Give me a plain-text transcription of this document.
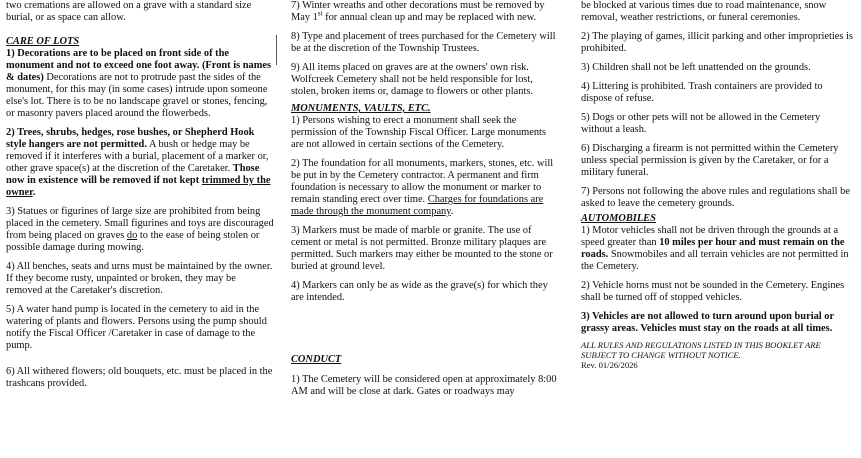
two cremations are allowed on a grave with a standard size burial, or as space can allow.

CARE OF LOTS

1) Decorations are to be placed on front side of the monument and not to exceed one foot away. (Front is names & dates) Decorations are not to protrude past the sides of the monument, for this may (in some cases) intrude upon someone else's lot. There is to be no landscape gravel or stones, fencing, or masonry pavers placed around the flowerbeds.

2) Trees, shrubs, hedges, rose bushes, or Shepherd Hook style hangers are not permitted. A bush or hedge may be removed if it interferes with a burial, placement of a marker or, other grave space(s) at the discretion of the Caretaker. Those now in existence will be removed if not kept trimmed by the owner.

3) Statues or figurines of large size are prohibited from being placed in the cemetery. Small figurines and toys are discouraged from being placed on graves do to the ease of being stolen or possible damage during mowing.

4) All benches, seats and urns must be maintained by the owner. If they become rusty, unpainted or broken, they may be removed at the Caretaker's discretion.

5) A water hand pump is located in the cemetery to aid in the watering of plants and flowers. Persons using the pump should notify the Fiscal Officer /Caretaker in case of damage to the pump.

6) All withered flowers; old bouquets, etc. must be placed in the trashcans provided.

7) Winter wreaths and other decorations must be removed by May 1st for annual clean up and may be replaced with new.

8) Type and placement of trees purchased for the Cemetery will be at the discretion of the Township Trustees.

9) All items placed on graves are at the owners' own risk. Wolfcreek Cemetery shall not be held responsible for lost, stolen, broken items or, damage to flowers or other plants.

MONUMENTS, VAULTS, ETC.

1) Persons wishing to erect a monument shall seek the permission of the Township Fiscal Officer. Large monuments are not allowed in certain sections of the Cemetery.

2) The foundation for all monuments, markers, stones, etc. will be put in by the Cemetery contractor. A permanent and firm foundation is necessary to allow the monument or marker to remain standing erect over time. Charges for foundations are made through the monument company.

3) Markers must be made of marble or granite. The use of cement or metal is not permitted. Bronze military plaques are permitted. Such markers may either be mounted to the stone or buried at ground level.

4) Markers can only be as wide as the grave(s) for which they are intended.

CONDUCT

1) The Cemetery will be considered open at approximately 8:00 AM and will be close at dark. Gates or roadways may

be blocked at various times due to road maintenance, snow removal, weather restrictions, or funeral ceremonies.

2) The playing of games, illicit parking and other improprieties is prohibited.

3) Children shall not be left unattended on the grounds.

4) Littering is prohibited. Trash containers are provided to dispose of refuse.

5) Dogs or other pets will not be allowed in the Cemetery without a leash.

6) Discharging a firearm is not permitted within the Cemetery unless special permission is given by the Caretaker, or for a military funeral.

7) Persons not following the above rules and regulations shall be asked to leave the cemetery grounds.

AUTOMOBILES

1) Motor vehicles shall not be driven through the grounds at a speed greater than 10 miles per hour and must remain on the roads. Snowmobiles and all terrain vehicles are not permitted in the Cemetery.

2) Vehicle horns must not be sounded in the Cemetery. Engines shall be turned off of stopped vehicles.

3) Vehicles are not allowed to turn around upon burial or grassy areas. Vehicles must stay on the roads at all times.

ALL RULES AND REGULATIONS LISTED IN THIS BOOKLET ARE SUBJECT TO CHANGE WITHOUT NOTICE.

Rev. 01/26/2026
